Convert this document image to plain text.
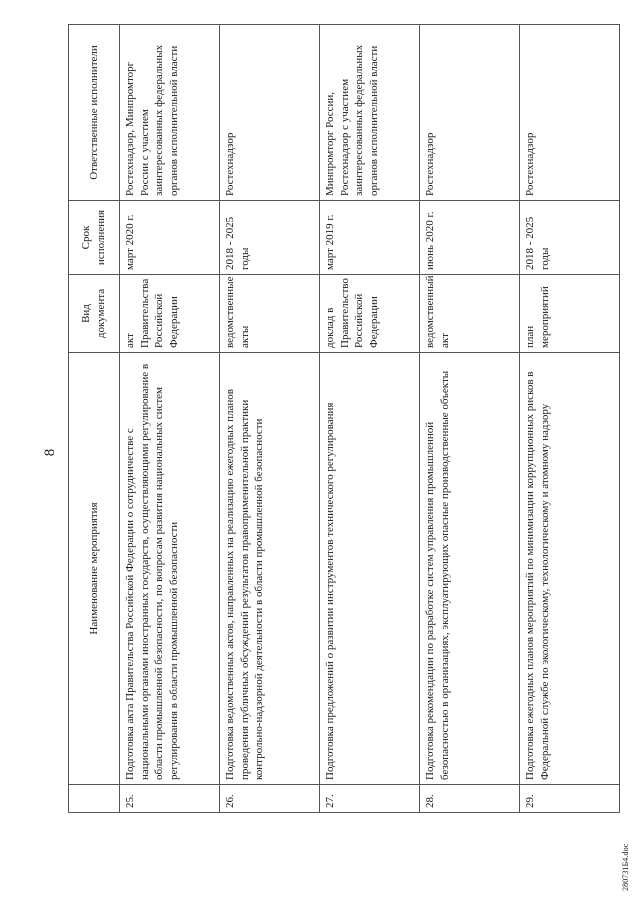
8
	Наименование мероприятия	Вид документа	Срок исполнения	Ответственные исполнители
25.	Подготовка акта Правительства Российской Федерации о сотрудничестве с национальными органами иностранных государств, осуществляющими регулирование в области промышленной безопасности, по вопросам развития национальных систем регулирования в области промышленной безопасности	акт Правительства Российской Федерации	март 2020 г.	Ростехнадзор, Минпромторг России с участием заинтересованных федеральных органов исполнительной власти
26.	Подготовка ведомственных актов, направленных на реализацию ежегодных планов проведения публичных обсуждений результатов правоприменительной практики контрольно-надзорной деятельности в области промышленной безопасности	ведомственные акты	2018 - 2025 годы	Ростехнадзор
27.	Подготовка предложений о развитии инструментов технического регулирования	доклад в Правительство Российской Федерации	март 2019 г.	Минпромторг России, Ростехнадзор с участием заинтересованных федеральных органов исполнительной власти
28.	Подготовка рекомендации по разработке систем управления промышленной безопасностью в организациях, эксплуатирующих опасные производственные объекты	ведомственный акт	июнь 2020 г.	Ростехнадзор
29.	Подготовка ежегодных планов мероприятий по минимизации коррупционных рисков в Федеральной службе по экологическому, технологическому и атомному надзору	план мероприятий	2018 - 2025 годы	Ростехнадзор
280731Б4.doc
